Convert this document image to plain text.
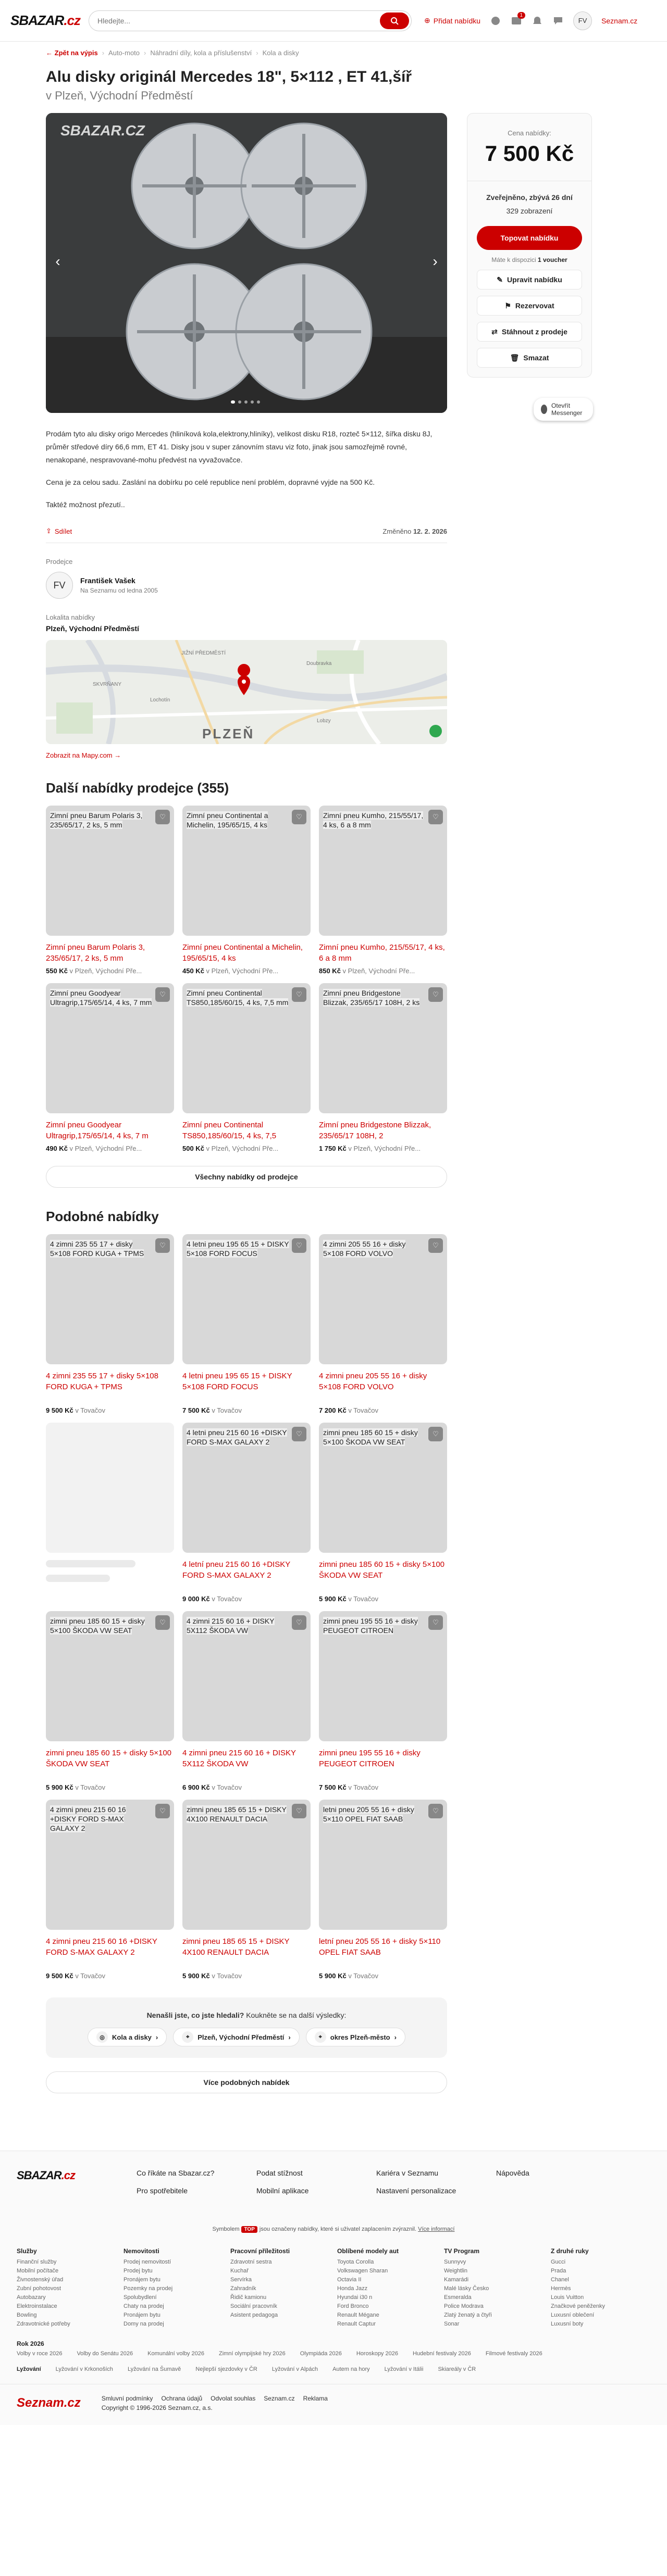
SBAZAR.cz
Hledejte...	⊕ Přidat nabídku
1
FV	Seznam.cz
← Zpět na výpis › Auto-moto › Náhradní díly, kola a příslušenství › Kola a disky
Alu disky originál Mercedes 18", 5×112 , ET 41,šíř
v Plzeň, Východní Předměstí
SBAZAR.CZ
‹	›

Prodám tyto alu disky origo Mercedes (hliníková kola,elektrony,hliníky), velikost disku R18, rozteč 5×112, šířka disku 8J, průměr středové díry 66,6 mm, ET 41. Disky jsou v super zánovním stavu viz foto, jinak jsou samozřejmě rovné, nenakopané, nespravované-mohu předvést na vyvažovačce.

Cena je za celou sadu. Zaslání na dobírku po celé republice není problém, dopravné vyjde na 500 Kč.

Taktéž možnost přezutí..

⇪ Sdílet	Změněno 12. 2. 2026
Prodejce
FV	František Vašek
Na Seznamu od ledna 2005
Lokalita nabídky
Plzeň, Východní Předměstí
PLZEŇ
SKVRŇANY
JIŽNÍ PŘEDMĚSTÍ
Lobzy
Doubravka
Lochotín
Zobrazit na Mapy.com →
Cena nabídky:
7 500 Kč
Zveřejněno, zbývá 26 dní
329 zobrazení
Topovat nabídku
Máte k dispozici 1 voucher
✎ Upravit nabídku
⚑ Rezervovat
⇄ Stáhnout z prodeje
🗑 Smazat
Otevřít Messenger
Další nabídky prodejce (355)
Zimní pneu Barum Polaris 3, 235/65/17, 2 ks, 5 mm
♡
Zimní pneu Barum Polaris 3, 235/65/17, 2 ks, 5 mm
550 Kč v Plzeň, Východní Pře...
Zimní pneu Continental a Michelin, 195/65/15, 4 ks
♡
Zimní pneu Continental a Michelin, 195/65/15, 4 ks
450 Kč v Plzeň, Východní Pře...
Zimní pneu Kumho, 215/55/17, 4 ks, 6 a 8 mm
♡
Zimní pneu Kumho, 215/55/17, 4 ks, 6 a 8 mm
850 Kč v Plzeň, Východní Pře...
Zimní pneu Goodyear Ultragrip,175/65/14, 4 ks, 7 mm
♡
Zimní pneu Goodyear Ultragrip,175/65/14, 4 ks, 7 m
490 Kč v Plzeň, Východní Pře...
Zimní pneu Continental TS850,185/60/15, 4 ks, 7,5 mm
♡
Zimní pneu Continental TS850,185/60/15, 4 ks, 7,5
500 Kč v Plzeň, Východní Pře...
Zimní pneu Bridgestone Blizzak, 235/65/17 108H, 2 ks
♡
Zimní pneu Bridgestone Blizzak, 235/65/17 108H, 2
1 750 Kč v Plzeň, Východní Pře...
Všechny nabídky od prodejce
Podobné nabídky
4 zimni 235 55 17 + disky 5×108 FORD KUGA + TPMS
♡
4 zimni 235 55 17 + disky 5×108 FORD KUGA + TPMS
9 500 Kč v Tovačov
4 letni pneu 195 65 15 + DISKY 5×108 FORD FOCUS
♡
4 letni pneu 195 65 15 + DISKY 5×108 FORD FOCUS
7 500 Kč v Tovačov
4 zimni 205 55 16 + disky 5×108 FORD VOLVO
♡
4 zimni pneu 205 55 16 + disky 5×108 FORD VOLVO
7 200 Kč v Tovačov
4 letni pneu 215 60 16 +DISKY FORD S-MAX GALAXY 2
♡
4 letní pneu 215 60 16 +DISKY FORD S-MAX GALAXY 2
9 000 Kč v Tovačov
zimni pneu 185 60 15 + disky 5×100 ŠKODA VW SEAT
♡
zimni pneu 185 60 15 + disky 5×100 ŠKODA VW SEAT
5 900 Kč v Tovačov
zimni pneu 185 60 15 + disky 5×100 ŠKODA VW SEAT
♡
zimni pneu 185 60 15 + disky 5×100 ŠKODA VW SEAT
5 900 Kč v Tovačov
4 zimni 215 60 16 + DISKY 5X112 ŠKODA VW
♡
4 zimni pneu 215 60 16 + DISKY 5X112 ŠKODA VW
6 900 Kč v Tovačov
zimni pneu 195 55 16 + disky PEUGEOT CITROEN
♡
zimni pneu 195 55 16 + disky PEUGEOT CITROEN
7 500 Kč v Tovačov
4 zimni pneu 215 60 16 +DISKY FORD S-MAX GALAXY 2
♡
4 zimni pneu 215 60 16 +DISKY FORD S-MAX GALAXY 2
9 500 Kč v Tovačov
zimni pneu 185 65 15 + DISKY 4X100 RENAULT DACIA
♡
zimni pneu 185 65 15 + DISKY 4X100 RENAULT DACIA
5 900 Kč v Tovačov
letni pneu 205 55 16 + disky 5×110 OPEL FIAT SAAB
♡
letní pneu 205 55 16 + disky 5×110 OPEL FIAT SAAB
5 900 Kč v Tovačov
Nenašli jste, co jste hledali? Koukněte se na další výsledky:
◎	Kola a disky ›	⌖	Plzeň, Východní Předměstí ›	⌖	okres Plzeň-město ›
Více podobných nabídek
SBAZAR.cz	Co říkáte na Sbazar.cz?	Podat stížnost	Kariéra v Seznamu	Nápověda
Pro spotřebitele	Mobilní aplikace	Nastavení personalizace
Symbolem TOP jsou označeny nabídky, které si uživatel zaplacením zvýraznil. Více informací
Služby
Finanční služby
Mobilní počítače
Živnostenský úřad
Zubní pohotovost
Autobazary
Elektroinstalace
Bowling
Zdravotnické potřeby
Nemovitosti
Prodej nemovitostí
Prodej bytu
Pronájem bytu
Pozemky na prodej
Spolubydlení
Chaty na prodej
Pronájem bytu
Domy na prodej
Pracovní příležitosti
Zdravotní sestra
Kuchař
Servírka
Zahradník
Řidič kamionu
Sociální pracovník
Asistent pedagoga
Oblíbené modely aut
Toyota Corolla
Volkswagen Sharan
Octavia II
Honda Jazz
Hyundai i30 n
Ford Bronco
Renault Mégane
Renault Captur
TV Program
Sunnyvy
Weightlin
Kamarádi
Malé lásky Česko
Esmeralda
Police Modrava
Zlatý ženatý a čtyři
Sonar
Z druhé ruky
Gucci
Prada
Chanel
Hermès
Louis Vuitton
Značkové peněženky
Luxusní oblečení
Luxusní boty
Rok 2026
Volby v roce 2026	Volby do Senátu 2026	Komunální volby 2026	Zimní olympijské hry 2026	Olympiáda 2026	Horoskopy 2026	Hudební festivaly 2026	Filmové festivaly 2026
Lyžování	Lyžování v Krkonoších	Lyžování na Šumavě	Nejlepší sjezdovky v ČR	Lyžování v Alpách	Autem na hory	Lyžování v Itálii	Skiareály v ČR
Seznam.cz	Smluvní podmínky Ochrana údajů Odvolat souhlas Seznam.cz Reklama
Copyright © 1996-2026 Seznam.cz, a.s.
